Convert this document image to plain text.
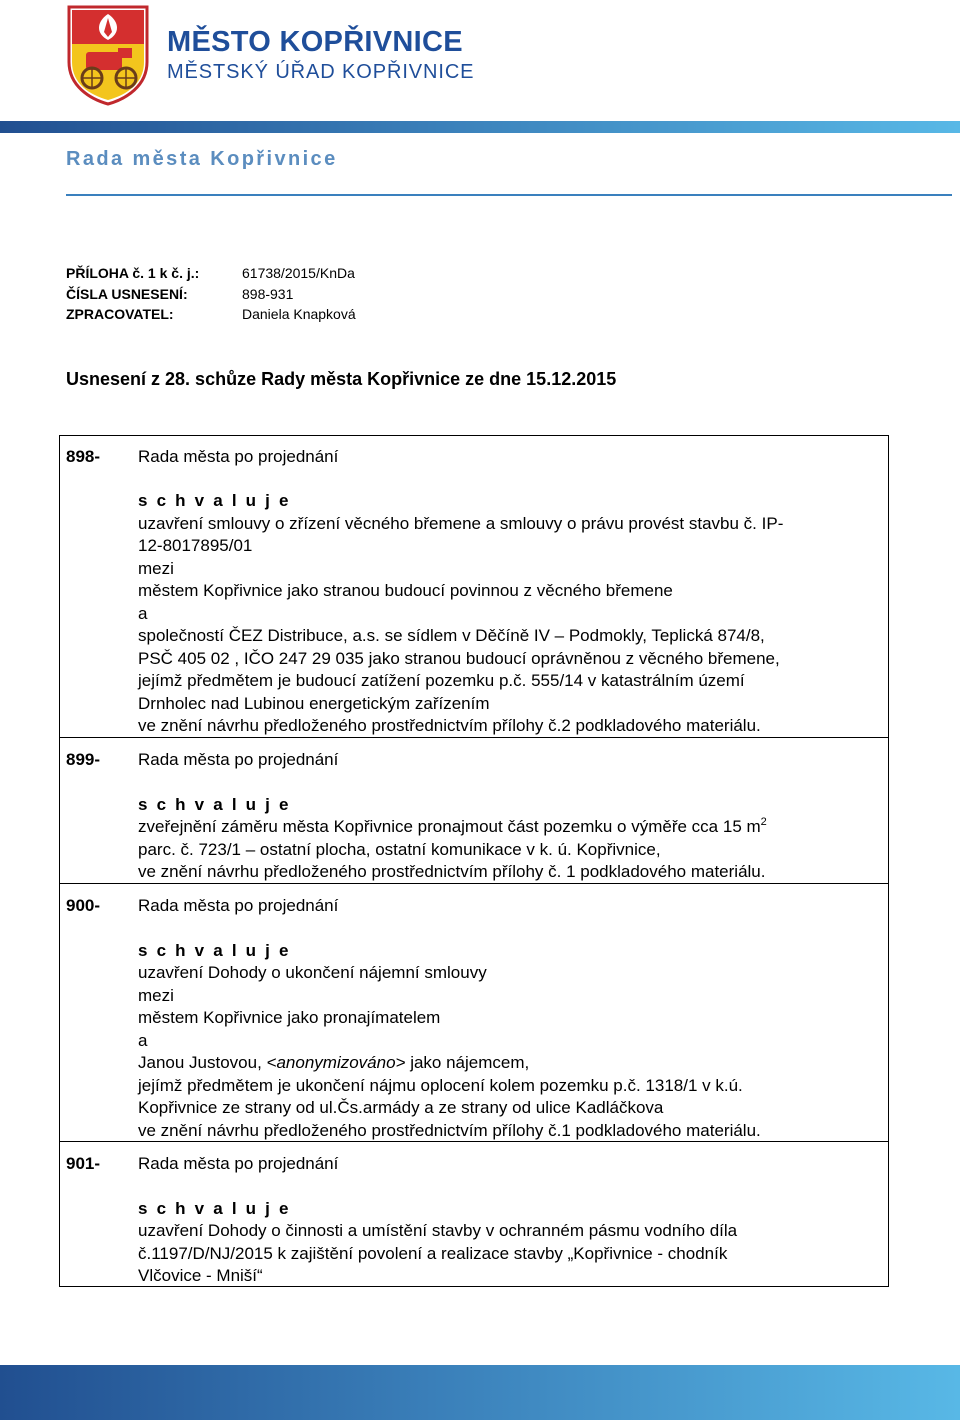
MĚSTO KOPŘIVNICE
MĚSTSKÝ ÚŘAD KOPŘIVNICE
Rada města Kopřivnice
PŘÍLOHA č. 1 k č. j.:	61738/2015/KnDa
ČÍSLA USNESENÍ:	898-931
ZPRACOVATEL:	Daniela Knapková
Usnesení z 28. schůze Rady města Kopřivnice ze dne 15.12.2015
898- Rada města po projednání
s c h v a l u j e
uzavření smlouvy o zřízení věcného břemene a smlouvy o právu provést stavbu č. IP-
12-8017895/01
mezi
městem Kopřivnice jako stranou budoucí povinnou z věcného břemene
a
společností ČEZ Distribuce, a.s. se sídlem v Děčíně IV – Podmokly, Teplická 874/8,
PSČ 405 02 , IČO 247 29 035 jako stranou budoucí oprávněnou z věcného břemene,
jejímž předmětem je budoucí zatížení pozemku p.č. 555/14 v katastrálním území
Drnholec nad Lubinou energetickým zařízením
ve znění návrhu předloženého prostřednictvím přílohy č.2 podkladového materiálu.
899- Rada města po projednání
s c h v a l u j e
zveřejnění záměru města Kopřivnice pronajmout část pozemku o výměře cca 15 $m^2$
parc. č. 723/1 – ostatní plocha, ostatní komunikace v k. ú. Kopřivnice,
ve znění návrhu předloženého prostřednictvím přílohy č. 1 podkladového materiálu.
900- Rada města po projednání
s c h v a l u j e
uzavření Dohody o ukončení nájemní smlouvy
mezi
městem Kopřivnice jako pronajímatelem
a
Janou Justovou, <anonymizováno> jako nájemcem,
jejímž předmětem je ukončení nájmu oplocení kolem pozemku p.č. 1318/1 v k.ú.
Kopřivnice ze strany od ul.Čs.armády a ze strany od ulice Kadláčkova
ve znění návrhu předloženého prostřednictvím přílohy č.1 podkladového materiálu.
901- Rada města po projednání
s c h v a l u j e
uzavření Dohody o činnosti a umístění stavby v ochranném pásmu vodního díla
č.1197/D/NJ/2015 k zajištění povolení a realizace stavby „Kopřivnice - chodník
Vlčovice - Mniší“
